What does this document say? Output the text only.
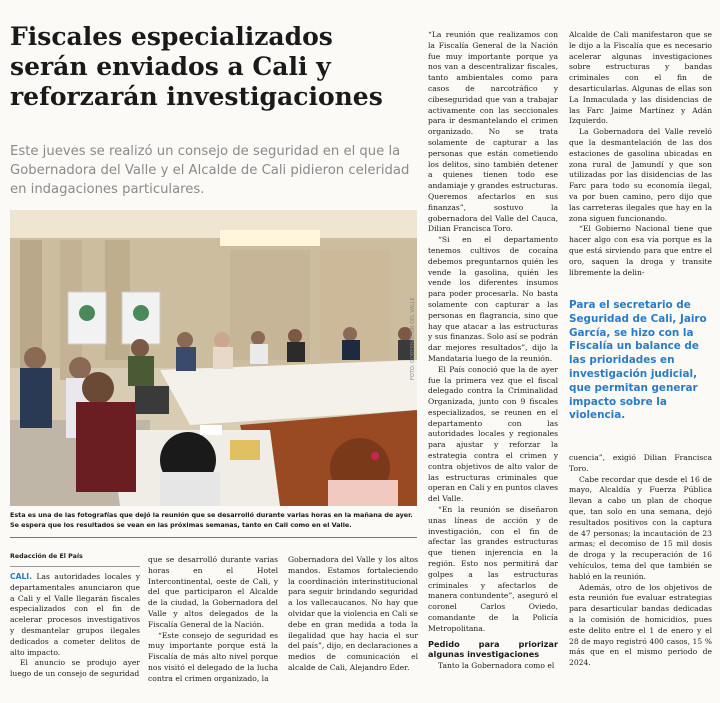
Fiscales especializados serán enviados a Cali y reforzarán investigaciones

Este jueves se realizó un consejo de seguridad en el que la Gobernadora del Valle y el Alcalde de Cali pidieron celeridad en indagaciones particulares.

FOTO: GOBERNACIÓN DEL VALLE

Esta es una de las fotografías que dejó la reunión que se desarrolló durante varias horas en la mañana de ayer. Se espera que los resultados se vean en las próximas semanas, tanto en Cali como en el Valle.

Redacción de El País

CALI. Las autoridades locales y departamentales anunciaron que a Cali y el Valle llegarán fiscales especializados con el fin de acelerar procesos investigativos y desmantelar grupos ilegales dedicados a cometer delitos de alto impacto.

El anuncio se produjo ayer luego de un consejo de seguridad

que se desarrolló durante varias horas en el Hotel Intercontinental, oeste de Cali, y del que participaron el Alcalde de la ciudad, la Gobernadora del Valle y altos delegados de la Fiscalía General de la Nación.

“Este consejo de seguridad es muy importante porque está la Fiscalía de más alto nivel porque nos visitó el delegado de la lucha contra el crimen organizado, la

Gobernadora del Valle y los altos mandos. Estamos fortaleciendo la coordinación interinstitucional para seguir brindando seguridad a los vallecaucanos. No hay que olvidar que la violencia en Cali se debe en gran medida a toda la ilegalidad que hay hacia el sur del país”, dijo, en declaraciones a medios de comunicación el alcalde de Cali, Alejandro Eder.

“La reunión que realizamos con la Fiscalía General de la Nación fue muy importante porque ya nos van a descentralizar fiscales, tanto ambientales como para casos de narcotráfico y cibeseguridad que van a trabajar activamente con las seccionales para ir desmantelando el crimen organizado. No se trata solamente de capturar a las personas que están cometiendo los delitos, sino también detener a quienes tienen todo ese andamiaje y grandes estructuras. Queremos afectarlos en sus finanzas”, sostuvo la gobernadora del Valle del Cauca, Dilian Francisca Toro.

“Si en el departamento tenemos cultivos de cocaína debemos preguntarnos quién les vende la gasolina, quién les vende los diferentes insumos para poder procesarla. No basta solamente con capturar a las personas en flagrancia, sino que hay que atacar a las estructuras y sus finanzas. Solo así se podrán dar mejores resultados”, dijo la Mandataria luego de la reunión.

El País conoció que la de ayer fue la primera vez que el fiscal delegado contra la Criminalidad Organizada, junto con 9 fiscales especializados, se reunen en el departamento con las autoridades locales y regionales para ajustar y reforzar la estrategia contra el crimen y contra objetivos de alto valor de las estructuras criminales que operan en Cali y en puntos claves del Valle.

“En la reunión se diseñaron unas líneas de acción y de investigación, con el fin de afectar las grandes estructuras que tienen injerencia en la región. Esto nos permitirá dar golpes a las estructuras criminales y afectarlos de manera contundente”, aseguró el coronel Carlos Oviedo, comandante de la Policía Metropolitana.

Pedido para priorizar algunas investigaciones

Tanto la Gobernadora como el

Alcalde de Cali manifestaron que se le dijo a la Fiscalía que es necesario acelerar algunas investigaciones sobre estructuras y bandas criminales con el fin de desarticularlas. Algunas de ellas son La Inmaculada y las disidencias de las Farc Jaime Martínez y Adán Izquierdo.

La Gobernadora del Valle reveló que la desmantelación de las dos estaciones de gasolina ubicadas en zona rural de Jamundí y que son utilizadas por las disidencias de las Farc para todo su economía ilegal, va por buen camino, pero dijo que las carreteras ilegales que hay en la zona siguen funcionando.

“El Gobierno Nacional tiene que hacer algo con esa vía porque es la que está sirviendo para que entre el oro, saquen la droga y transite libremente la delin-

Para el secretario de Seguridad de Cali, Jairo García, se hizo con la Fiscalía un balance de las prioridades en investigación judicial, que permitan generar impacto sobre la violencia.

cuencia”, exigió Dilian Francisca Toro.

Cabe recordar que desde el 16 de mayo, Alcaldía y Fuerza Pública llevan a cabo un plan de choque que, tan solo en una semana, dejó resultados positivos con la captura de 47 personas; la incautación de 23 armas; el decomiso de 15 mil dosis de droga y la recuperación de 16 vehículos, tema del que también se habló en la reunión.

Además, otro de los objetivos de esta reunión fue evaluar estrategias para desarticular bandas dedicadas a la comisión de homicidios, pues este delito entre el 1 de enero y el 28 de mayo registró 400 casos, 15 % más que en el mismo periodo de 2024.
